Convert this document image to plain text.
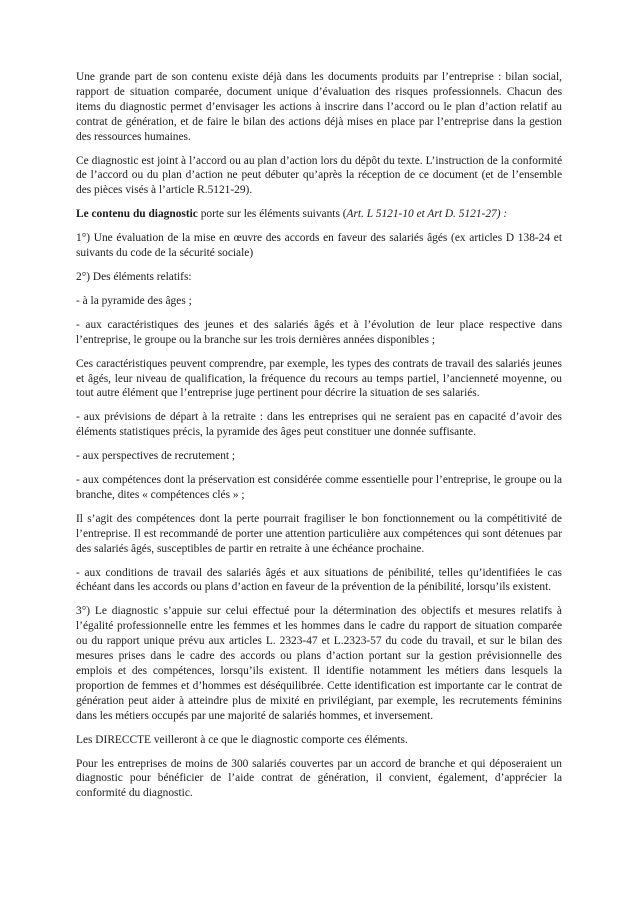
Une grande part de son contenu existe déjà dans les documents produits par l’entreprise : bilan social, rapport de situation comparée, document unique d’évaluation des risques professionnels. Chacun des items du diagnostic permet d’envisager les actions à inscrire dans l’accord ou le plan d’action relatif au contrat de génération, et de faire le bilan des actions déjà mises en place par l’entreprise dans la gestion des ressources humaines.

Ce diagnostic est joint à l’accord ou au plan d’action lors du dépôt du texte. L’instruction de la conformité de l’accord ou du plan d’action ne peut débuter qu’après la réception de ce document (et de l’ensemble des pièces visés à l’article R.5121-29).

Le contenu du diagnostic porte sur les éléments suivants (Art. L 5121-10 et Art D. 5121-27) :

1°) Une évaluation de la mise en œuvre des accords en faveur des salariés âgés (ex articles D 138-24 et suivants du code de la sécurité sociale)

2°) Des éléments relatifs:

- à la pyramide des âges ;

- aux caractéristiques des jeunes et des salariés âgés et à l’évolution de leur place respective dans l’entreprise, le groupe ou la branche sur les trois dernières années disponibles ;

Ces caractéristiques peuvent comprendre, par exemple, les types des contrats de travail des salariés jeunes et âgés, leur niveau de qualification, la fréquence du recours au temps partiel, l’ancienneté moyenne, ou tout autre élément que l’entreprise juge pertinent pour décrire la situation de ses salariés.

- aux prévisions de départ à la retraite : dans les entreprises qui ne seraient pas en capacité d’avoir des éléments statistiques précis, la pyramide des âges peut constituer une donnée suffisante.

- aux perspectives de recrutement ;

- aux compétences dont la préservation est considérée comme essentielle pour l’entreprise, le groupe ou la branche, dites « compétences clés » ;

Il s’agit des compétences dont la perte pourrait fragiliser le bon fonctionnement ou la compétitivité de l’entreprise. Il est recommandé de porter une attention particulière aux compétences qui sont détenues par des salariés âgés, susceptibles de partir en retraite à une échéance prochaine.

- aux conditions de travail des salariés âgés et aux situations de pénibilité, telles qu’identifiées le cas échéant dans les accords ou plans d’action en faveur de la prévention de la pénibilité, lorsqu’ils existent.

3°) Le diagnostic s’appuie sur celui effectué pour la détermination des objectifs et mesures relatifs à l’égalité professionnelle entre les femmes et les hommes dans le cadre du rapport de situation comparée ou du rapport unique prévu aux articles L. 2323-47 et L.2323-57 du code du travail, et sur le bilan des mesures prises dans le cadre des accords ou plans d’action portant sur la gestion prévisionnelle des emplois et des compétences, lorsqu’ils existent. Il identifie notamment les métiers dans lesquels la proportion de femmes et d’hommes est déséquilibrée. Cette identification est importante car le contrat de génération peut aider à atteindre plus de mixité en privilégiant, par exemple, les recrutements féminins dans les métiers occupés par une majorité de salariés hommes, et inversement.

Les DIRECCTE veilleront à ce que le diagnostic comporte ces éléments.

Pour les entreprises de moins de 300 salariés couvertes par un accord de branche et qui déposeraient un diagnostic pour bénéficier de l’aide contrat de génération, il convient, également, d’apprécier la conformité du diagnostic.
